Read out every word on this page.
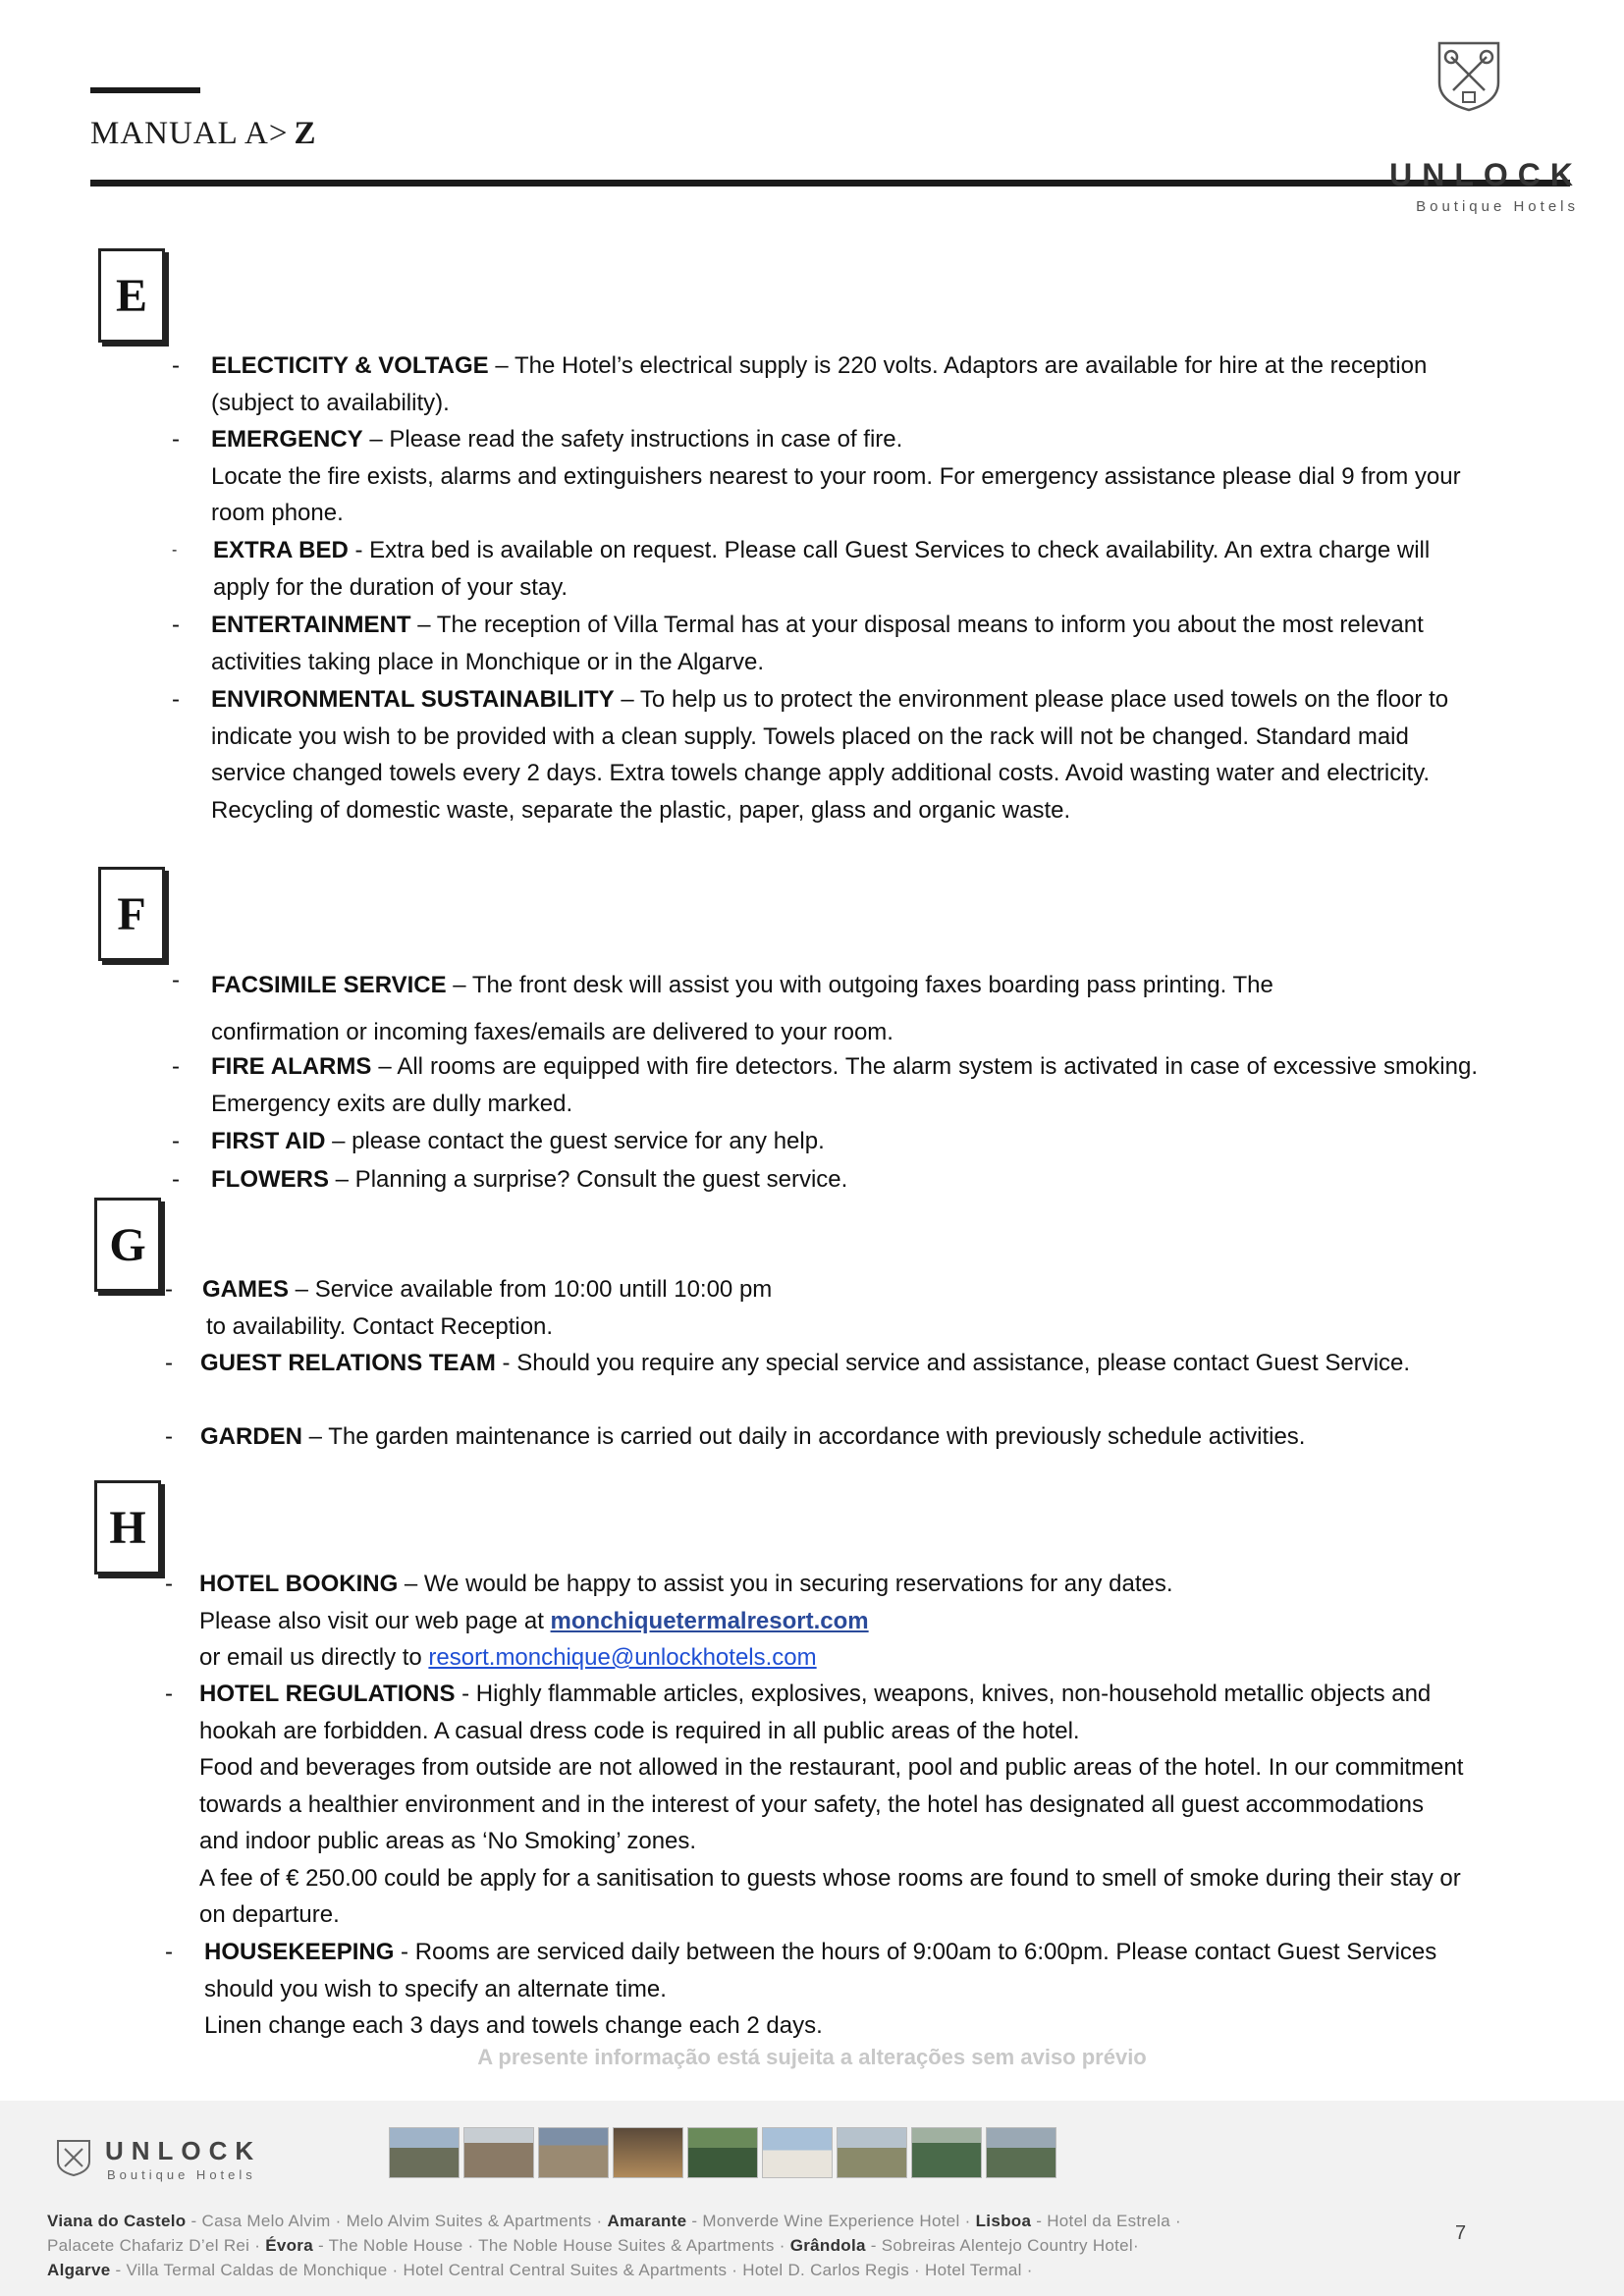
MANUAL A> Z
UNLOCK
Boutique Hotels
E
F
G
H
- ELECTICITY & VOLTAGE – The Hotel’s electrical supply is 220 volts. Adaptors are available for hire at the reception (subject to availability).
- EMERGENCY – Please read the safety instructions in case of fire.
Locate the fire exists, alarms and extinguishers nearest to your room. For emergency assistance please dial 9 from your room phone.
- EXTRA BED - Extra bed is available on request. Please call Guest Services to check availability. An extra charge will apply for the duration of your stay.
- ENTERTAINMENT – The reception of Villa Termal has at your disposal means to inform you about the most relevant activities taking place in Monchique or in the Algarve.
- ENVIRONMENTAL SUSTAINABILITY – To help us to protect the environment please place used towels on the floor to indicate you wish to be provided with a clean supply. Towels placed on the rack will not be changed. Standard maid service changed towels every 2 days. Extra towels change apply additional costs. Avoid wasting water and electricity.
Recycling of domestic waste, separate the plastic, paper, glass and organic waste.
- FACSIMILE SERVICE – The front desk will assist you with outgoing faxes boarding pass printing. The
confirmation or incoming faxes/emails are delivered to your room.
- FIRE ALARMS – All rooms are equipped with fire detectors. The alarm system is activated in case of excessive smoking. Emergency exits are dully marked.
- FIRST AID – please contact the guest service for any help.
- FLOWERS – Planning a surprise? Consult the guest service.
- GAMES – Service available from 10:00 untill 10:00 pm
to availability. Contact Reception.
- GUEST RELATIONS TEAM - Should you require any special service and assistance, please contact Guest Service.
- GARDEN – The garden maintenance is carried out daily in accordance with previously schedule activities.
- HOTEL BOOKING – We would be happy to assist you in securing reservations for any dates.
Please also visit our web page at monchiquetermalresort.com
or email us directly to resort.monchique@unlockhotels.com
- HOTEL REGULATIONS - Highly flammable articles, explosives, weapons, knives, non-household metallic objects and hookah are forbidden. A casual dress code is required in all public areas of the hotel.
Food and beverages from outside are not allowed in the restaurant, pool and public areas of the hotel. In our commitment towards a healthier environment and in the interest of your safety, the hotel has designated all guest accommodations and indoor public areas as ‘No Smoking’ zones.
A fee of € 250.00 could be apply for a sanitisation to guests whose rooms are found to smell of smoke during their stay or on departure.
- HOUSEKEEPING - Rooms are serviced daily between the hours of 9:00am to 6:00pm. Please contact Guest Services should you wish to specify an alternate time.
Linen change each 3 days and towels change each 2 days.
A presente informação está sujeita a alterações sem aviso prévio
UNLOCK
Boutique Hotels
Viana do Castelo - Casa Melo Alvim · Melo Alvim Suites & Apartments · Amarante - Monverde Wine Experience Hotel · Lisboa - Hotel da Estrela ·
Palacete Chafariz D’el Rei · Évora - The Noble House · The Noble House Suites & Apartments · Grândola - Sobreiras Alentejo Country Hotel·
Algarve - Villa Termal Caldas de Monchique · Hotel Central Central Suites & Apartments · Hotel D. Carlos Regis · Hotel Termal ·
7
